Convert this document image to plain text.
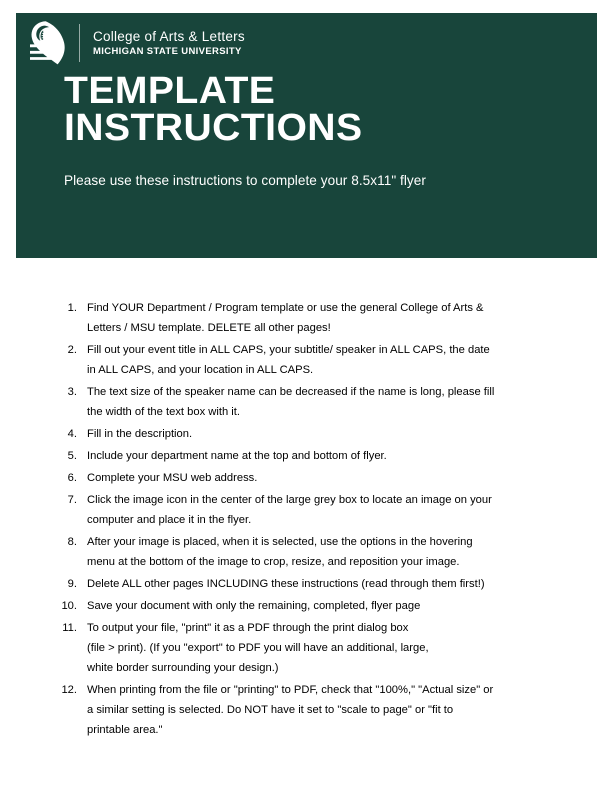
College of Arts & Letters
MICHIGAN STATE UNIVERSITY
TEMPLATE
INSTRUCTIONS
Please use these instructions to complete your 8.5x11" flyer
1. Find YOUR Department / Program template or use the general College of Arts &
Letters / MSU template. DELETE all other pages!
2. Fill out your event title in ALL CAPS, your subtitle/ speaker in ALL CAPS, the date
in ALL CAPS, and your location in ALL CAPS.
3. The text size of the speaker name can be decreased if the name is long, please fill
the width of the text box with it.
4. Fill in the description.
5. Include your department name at the top and bottom of flyer.
6. Complete your MSU web address.
7. Click the image icon in the center of the large grey box to locate an image on your
computer and place it in the flyer.
8. After your image is placed, when it is selected, use the options in the hovering
menu at the bottom of the image to crop, resize, and reposition your image.
9. Delete ALL other pages INCLUDING these instructions (read through them first!)
10. Save your document with only the remaining, completed, flyer page
11. To output your file, "print" it as a PDF through the print dialog box
(file > print). (If you "export" to PDF you will have an additional, large,
white border surrounding your design.)
12. When printing from the file or "printing" to PDF, check that "100%," "Actual size" or
a similar setting is selected. Do NOT have it set to "scale to page" or "fit to
printable area."
